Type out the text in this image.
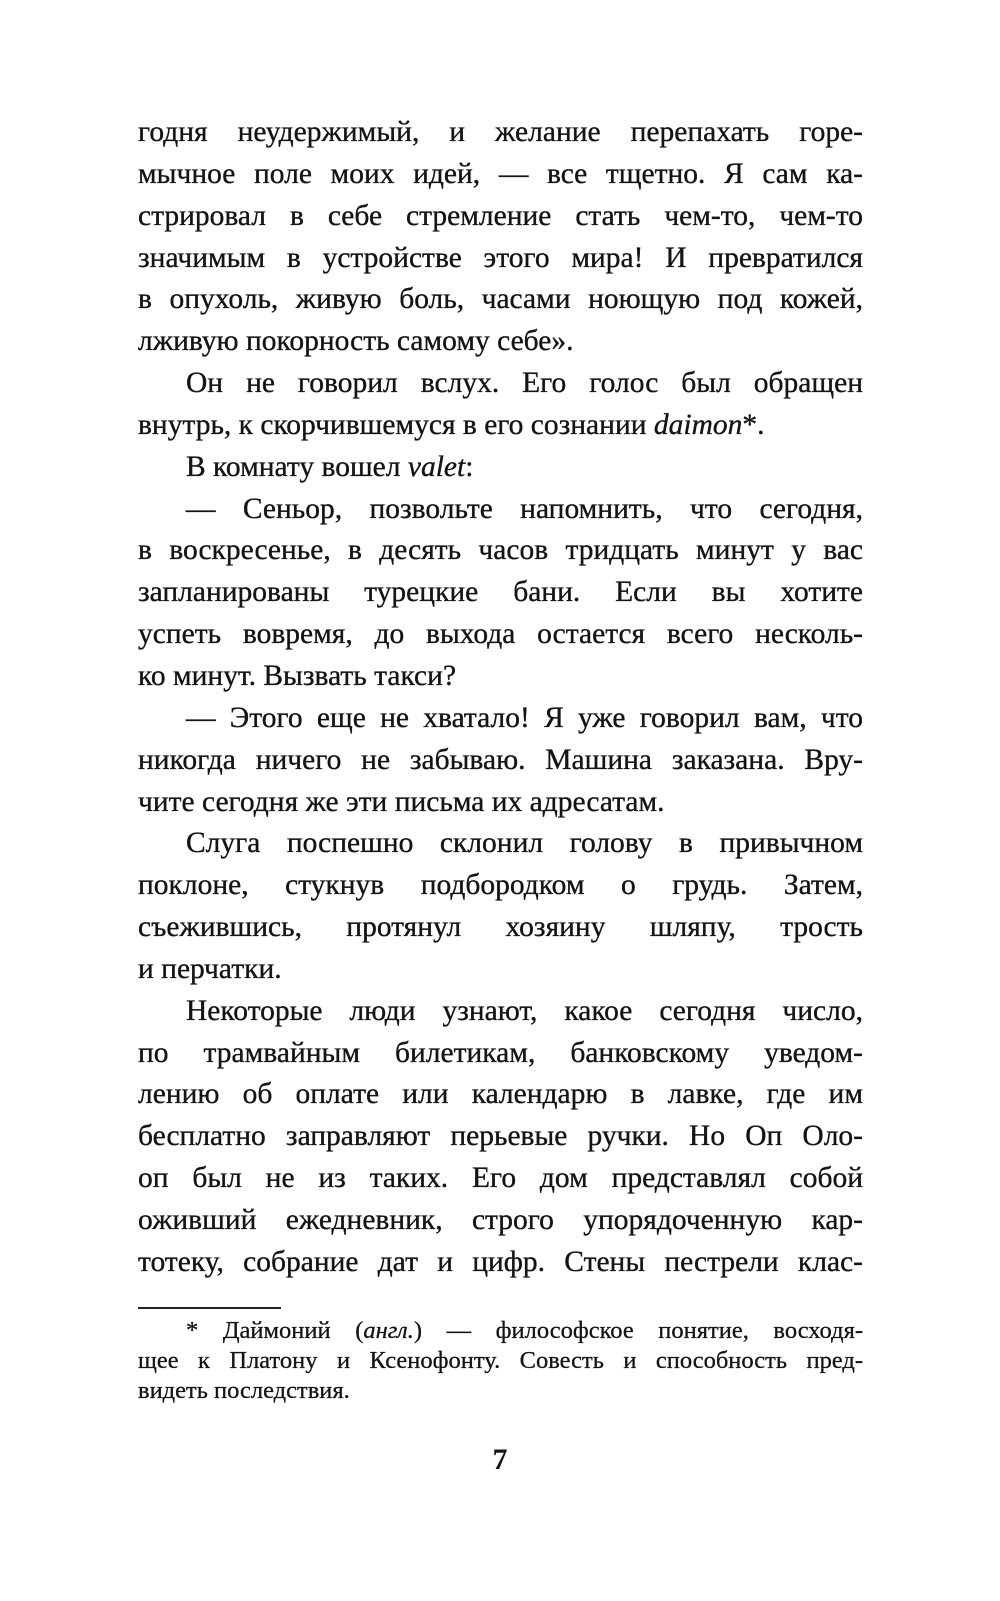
годня неудержимый, и желание перепахать горе-
мычное поле моих идей, — все тщетно. Я сам ка-
стрировал в себе стремление стать чем-то, чем-то
значимым в устройстве этого мира! И превратился
в опухоль, живую боль, часами ноющую под кожей,
лживую покорность самому себе».
Он не говорил вслух. Его голос был обращен
внутрь, к скорчившемуся в его сознании daimon*.
В комнату вошел valet:
— Сеньор, позвольте напомнить, что сегодня,
в воскресенье, в десять часов тридцать минут у вас
запланированы турецкие бани. Если вы хотите
успеть вовремя, до выхода остается всего несколь-
ко минут. Вызвать такси?
— Этого еще не хватало! Я уже говорил вам, что
никогда ничего не забываю. Машина заказана. Вру-
чите сегодня же эти письма их адресатам.
Слуга поспешно склонил голову в привычном
поклоне, стукнув подбородком о грудь. Затем,
съежившись, протянул хозяину шляпу, трость
и перчатки.
Некоторые люди узнают, какое сегодня число,
по трамвайным билетикам, банковскому уведом-
лению об оплате или календарю в лавке, где им
бесплатно заправляют перьевые ручки. Но Оп Оло-
оп был не из таких. Его дом представлял собой
оживший ежедневник, строго упорядоченную кар-
тотеку, собрание дат и цифр. Стены пестрели клас-
* Даймоний (англ.) — философское понятие, восходя-
щее к Платону и Ксенофонту. Совесть и способность пред-
видеть последствия.
7
